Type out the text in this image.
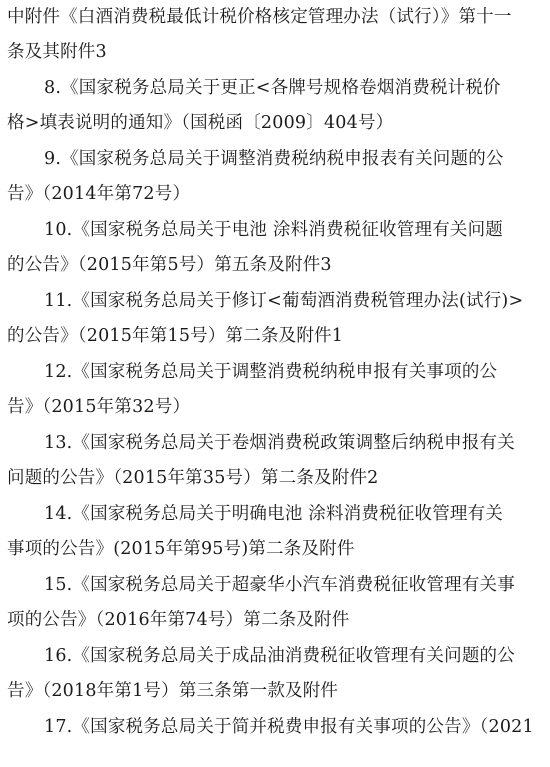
中附件《白酒消费税最低计税价格核定管理办法（试行）》第十一
条及其附件3
8.《国家税务总局关于更正<各牌号规格卷烟消费税计税价
格>填表说明的通知》（国税函〔2009〕404号）
9.《国家税务总局关于调整消费税纳税申报表有关问题的公
告》（2014年第72号）
10.《国家税务总局关于电池 涂料消费税征收管理有关问题
的公告》（2015年第5号）第五条及附件3
11.《国家税务总局关于修订<葡萄酒消费税管理办法(试行)>
的公告》（2015年第15号）第二条及附件1
12.《国家税务总局关于调整消费税纳税申报有关事项的公
告》（2015年第32号）
13.《国家税务总局关于卷烟消费税政策调整后纳税申报有关
问题的公告》（2015年第35号）第二条及附件2
14.《国家税务总局关于明确电池 涂料消费税征收管理有关
事项的公告》(2015年第95号)第二条及附件
15.《国家税务总局关于超豪华小汽车消费税征收管理有关事
项的公告》（2016年第74号）第二条及附件
16.《国家税务总局关于成品油消费税征收管理有关问题的公
告》（2018年第1号）第三条第一款及附件
17.《国家税务总局关于简并税费申报有关事项的公告》（2021
